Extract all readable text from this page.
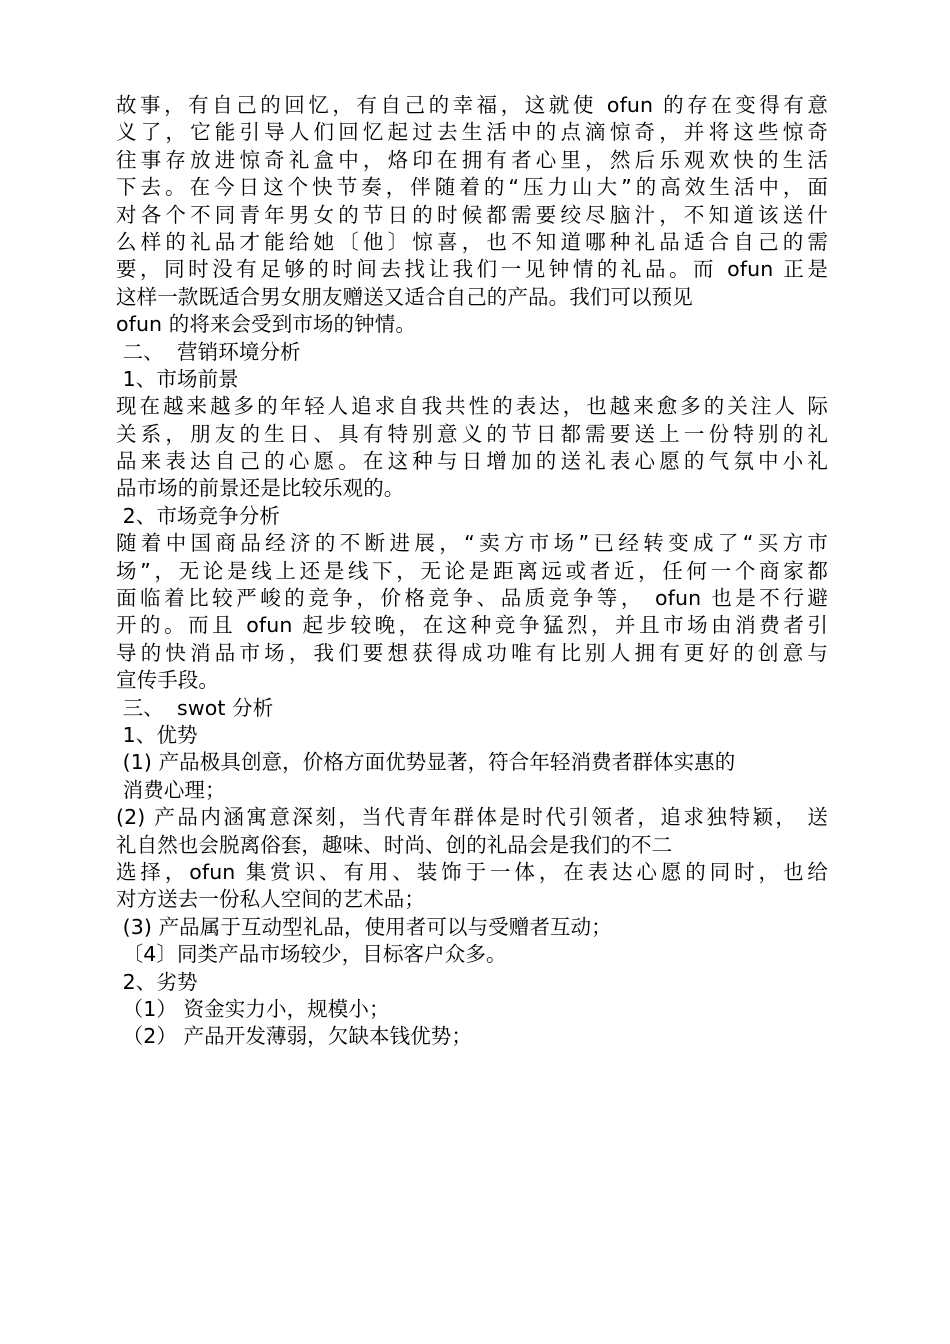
故事，有自己的回忆，有自己的幸福，这就使 ofun 的存在变得有意
义了，它能引导人们回忆起过去生活中的点滴惊奇，并将这些惊奇
往事存放进惊奇礼盒中，烙印在拥有者心里，然后乐观欢快的生活
下去。在今日这个快节奏，伴随着的“压力山大”的高效生活中，面
对各个不同青年男女的节日的时候都需要绞尽脑汁，不知道该送什
么样的礼品才能给她〔他〕惊喜，也不知道哪种礼品适合自己的需
要，同时没有足够的时间去找让我们一见钟情的礼品。而 ofun 正是
这样一款既适合男女朋友赠送又适合自己的产品。我们可以预见
ofun 的将来会受到市场的钟情。
二、  营销环境分析
1、市场前景
现在越来越多的年轻人追求自我共性的表达，也越来愈多的关注人 际
关系，朋友的生日、具有特别意义的节日都需要送上一份特别的礼
品来表达自己的心愿。在这种与日增加的送礼表心愿的气氛中小礼
品市场的前景还是比较乐观的。
2、市场竞争分析
随着中国商品经济的不断进展，“卖方市场”已经转变成了“买方市
场”，无论是线上还是线下，无论是距离远或者近，任何一个商家都
面临着比较严峻的竞争，价格竞争、品质竞争等， ofun 也是不行避
开的。而且 ofun 起步较晚，在这种竞争猛烈，并且市场由消费者引
导的快消品市场，我们要想获得成功唯有比别人拥有更好的创意与
宣传手段。
三、  swot 分析
1、优势
(1) 产品极具创意，价格方面优势显著，符合年轻消费者群体实惠的
消费心理；
(2) 产品内涵寓意深刻，当代青年群体是时代引领者，追求独特颖， 送
礼自然也会脱离俗套，趣味、时尚、创的礼品会是我们的不二
选择，ofun 集赏识、有用、装饰于一体，在表达心愿的同时，也给
对方送去一份私人空间的艺术品；
(3) 产品属于互动型礼品，使用者可以与受赠者互动；
〔4〕同类产品市场较少，目标客户众多。
2、劣势
（1） 资金实力小，规模小；
（2） 产品开发薄弱，欠缺本钱优势；
